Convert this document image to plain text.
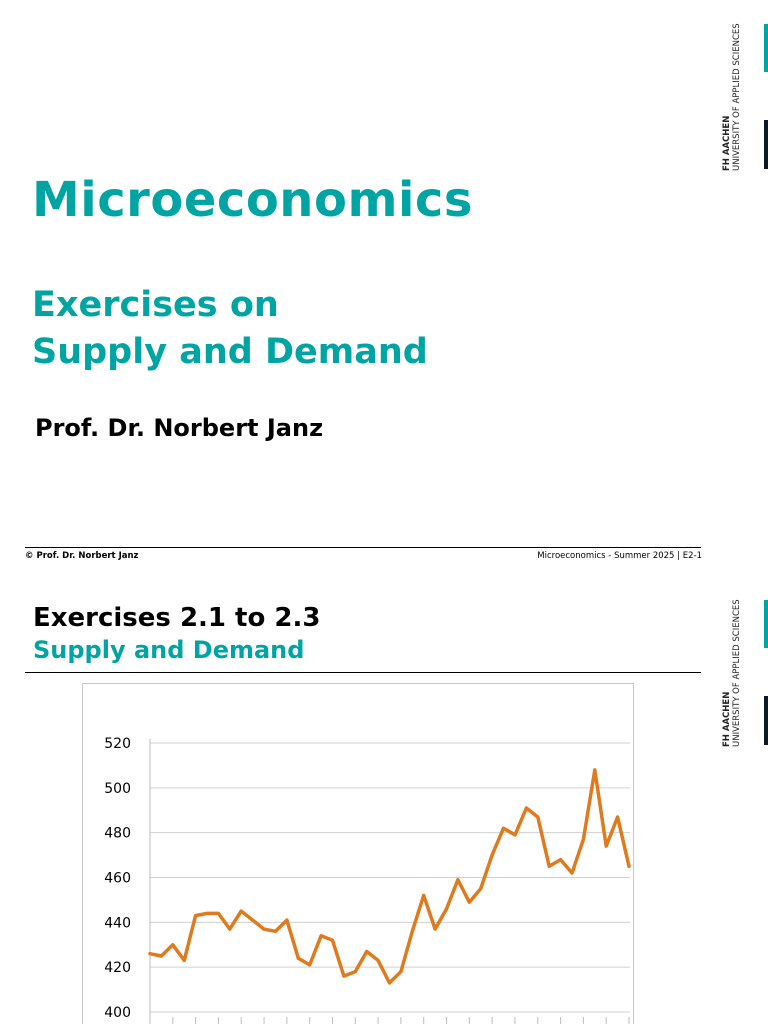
FH AACHEN UNIVERSITY OF APPLIED SCIENCES
Microeconomics
Exercises on
Supply and Demand

Prof. Dr. Norbert Janz

© Prof. Dr. Norbert Janz	Microeconomics - Summer 2025 | E2-1
FH AACHEN UNIVERSITY OF APPLIED SCIENCES
Exercises 2.1 to 2.3
Supply and Demand
400
420
440
460
480
500
520
